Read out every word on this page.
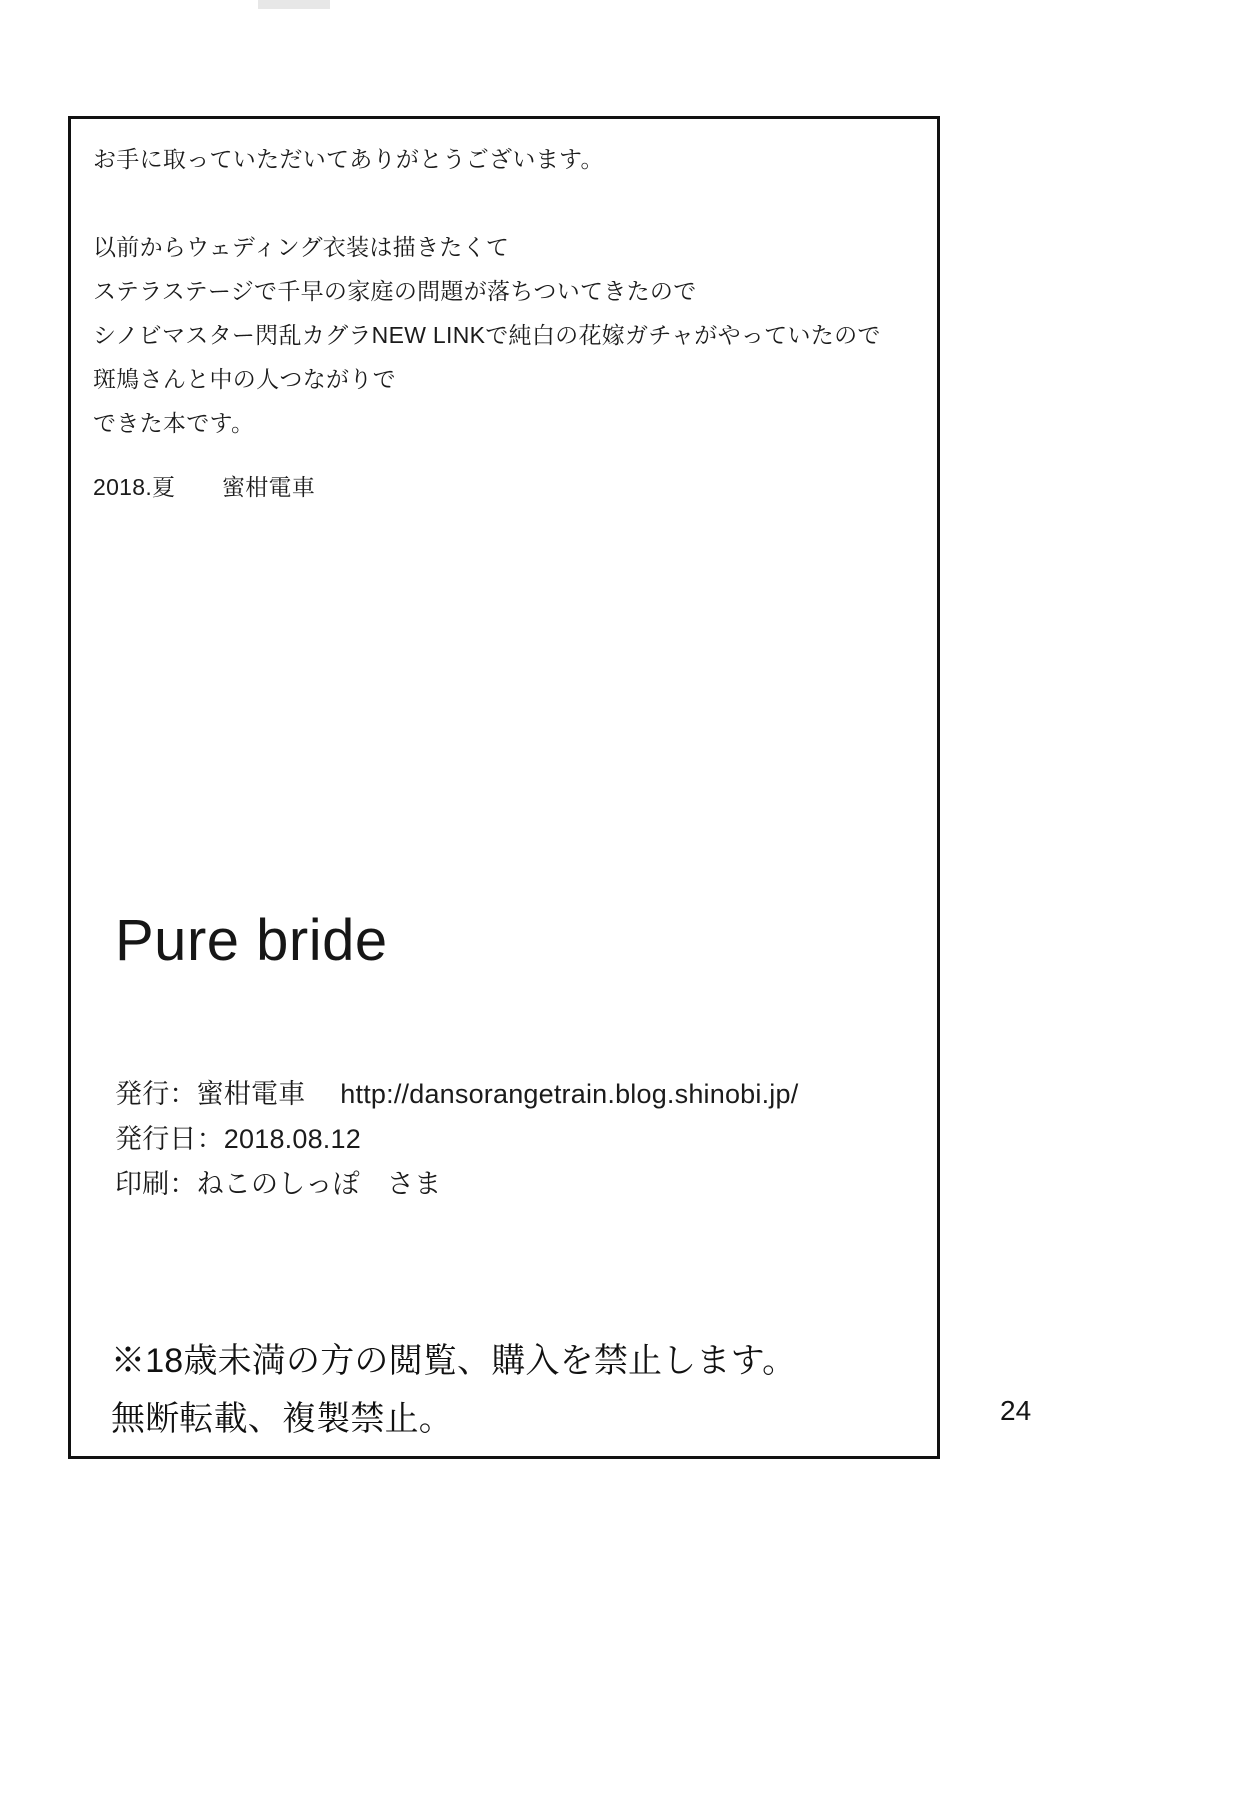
お手に取っていただいてありがとうございます。
以前からウェディング衣装は描きたくて
ステラステージで千早の家庭の問題が落ちついてきたので
シノビマスター閃乱カグラNEW LINKで純白の花嫁ガチャがやっていたので
斑鳩さんと中の人つながりで
できた本です。
2018.夏　　蜜柑電車
Pure bride
発行：蜜柑電車　 http://dansorangetrain.blog.shinobi.jp/
発行日：2018.08.12
印刷：ねこのしっぽ　さま
※18歳未満の方の閲覧、購入を禁止します。
無断転載、複製禁止。	24
